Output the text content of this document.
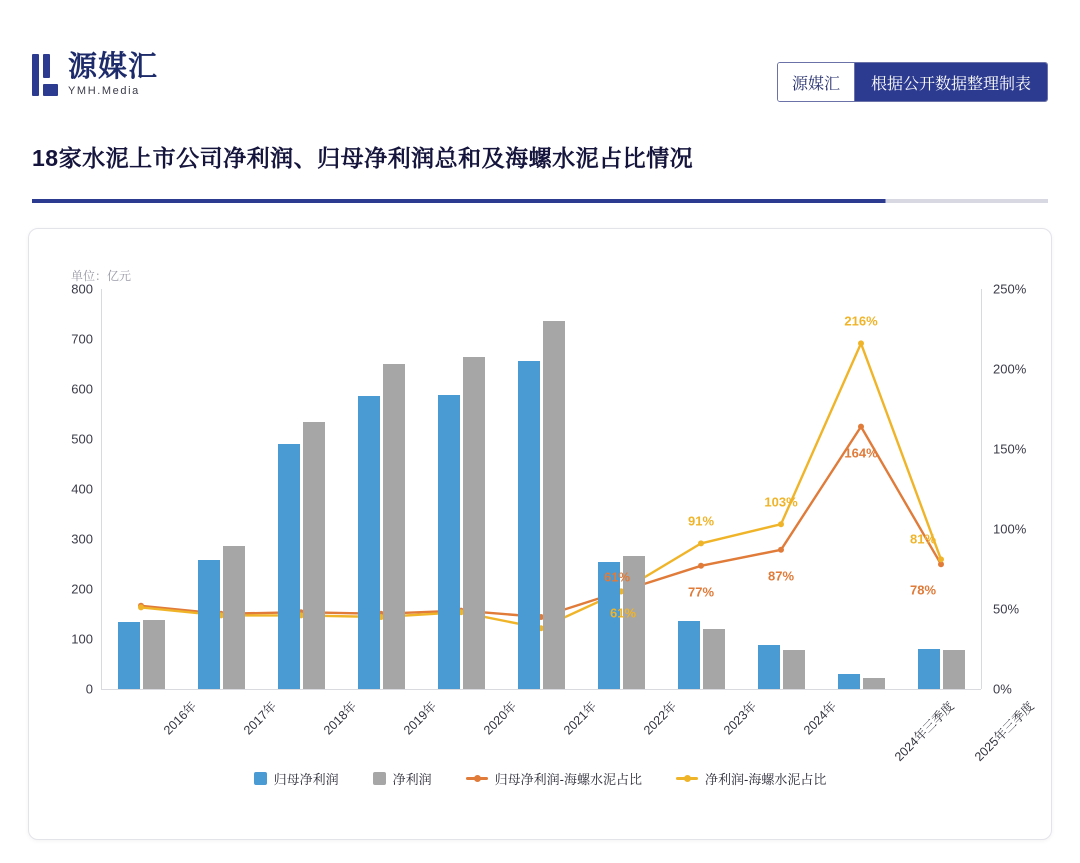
源媒汇
YMH.Media	源媒汇	根据公开数据整理制表
18家水泥上市公司净利润、归母净利润总和及海螺水泥占比情况
单位：亿元
0
100
200
300
400
500
600
700
800
0%
50%
100%
150%
200%
250%
2016年	2017年	2018年	2019年	2020年	2021年	2022年	2023年	2024年	2024年三季度 2025年三季度
61%
77%
87%
164%
78%
61%
91%
103%
216%
81%
归母净利润	净利润	归母净利润-海螺水泥占比	净利润-海螺水泥占比
